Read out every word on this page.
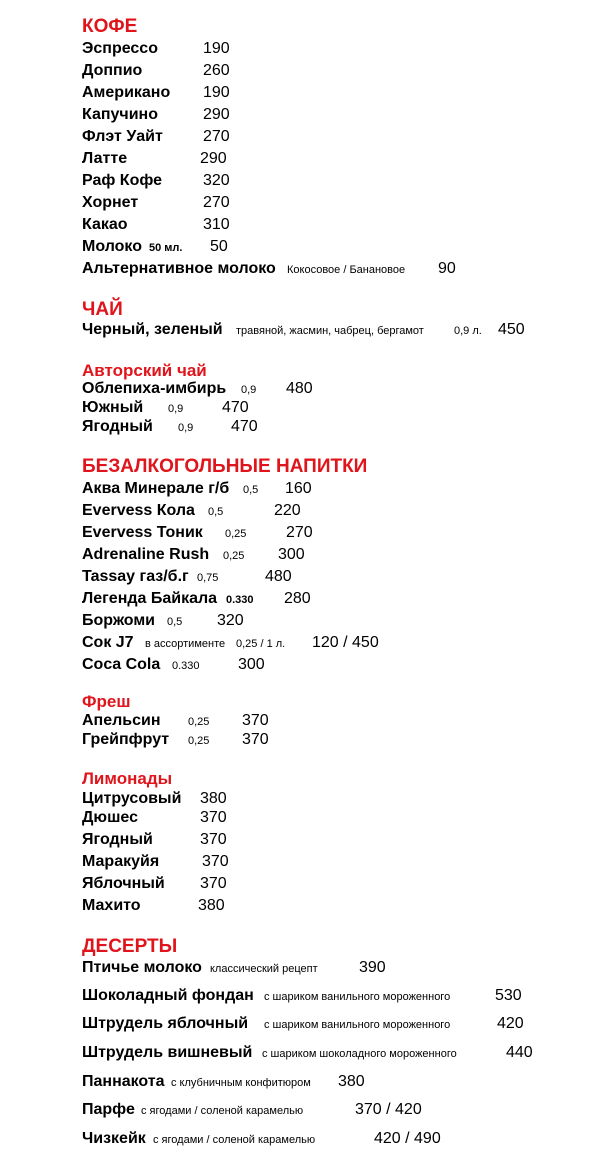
КОФЕ
Эспрессо	190
Доппио	260
Американо 190
Капучино	290
Флэт Уайт	270
Латте	290
Раф Кофе	320
Хорнет	270
Какао	310
Молоко 50 мл. 50
Альтернативное молоко Кокосовое / Банановое 90
ЧАЙ
Черный, зеленый травяной, жасмин, чабрец, бергамот	0,9 л. 450
Авторский чай
Облепиха-имбирь 0,9 480
Южный 0,9 470
Ягодный 0,9 470
БЕЗАЛКОГОЛЬНЫЕ НАПИТКИ
Аква Минерале г/б 0,5 160
Evervess Кола 0,5	220
Evervess Тоник 0,25 270
Adrenaline Rush 0,25 300
Tassay газ/б.г 0,75	480
Легенда Байкала 0.330 280
Боржоми 0,5 320
Сок J7 в ассортименте 0,25 / 1 л. 120 / 450
Coca Cola 0.330 300
Фреш
Апельсин 0,25 370
Грейпфрут 0,25 370
Лимонады
Цитрусовый 380
Дюшес	370
Ягодный	370
Маракуйя	370
Яблочный 370
Махито	380
ДЕСЕРТЫ
Птичье молоко классический рецепт	390
Шоколадный фондан с шариком ванильного мороженного	530
Штрудель яблочный с шариком ванильного мороженного	420
Штрудель вишневый с шариком шоколадного мороженного	440
Паннакота с клубничным конфитюром 380
Парфе с ягодами / соленой карамелью	370 / 420
Чизкейк с ягодами / соленой карамелью	420 / 490
